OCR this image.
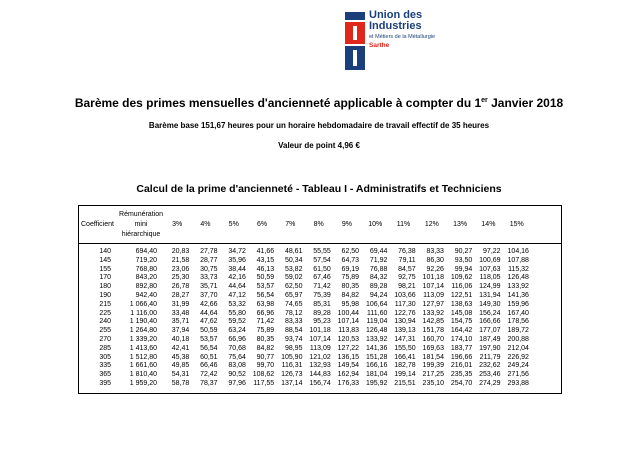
Union des
Industries
et Métiers de la Métallurgie
Sarthe
Barème des primes mensuelles d'ancienneté applicable à compter du 1er Janvier 2018
Barème base 151,67 heures pour un horaire hebdomadaire de travail effectif de 35 heures
Valeur de point 4,96 €
Calcul de la prime d'ancienneté - Tableau I - Administratifs et Techniciens
Coefficient
Rémunération
mini
hiérarchique
3%	4%	5%	6%	7%	8%	9%	10%	11%	12%	13%	14%	15%
140	694,40	20,83	27,78	34,72	41,66	48,61	55,55	62,50	69,44	76,38	83,33	90,27	97,22 104,16
145	719,20	21,58	28,77	35,96	43,15	50,34	57,54	64,73	71,92	79,11	86,30	93,50 100,69 107,88
155	768,80	23,06	30,75	38,44	46,13	53,82	61,50	69,19	76,88	84,57	92,26	99,94 107,63	115,32
170	843,20	25,30	33,73	42,16	50,59	59,02	67,46	75,89	84,32	92,75 101,18 109,62	118,05 126,48
180	892,80	26,78	35,71	44,64	53,57	62,50	71,42	80,35	89,28	98,21 107,14	116,06 124,99 133,92
190	942,40	28,27	37,70	47,12	56,54	65,97	75,39	84,82	94,24 103,66	113,09 122,51 131,94 141,36
215	1 066,40	31,99	42,66	53,32	63,98	74,65	85,31	95,98 106,64	117,30 127,97 138,63 149,30 159,96
225	1 116,00	33,48	44,64	55,80	66,96	78,12	89,28 100,44	111,60 122,76 133,92 145,08 156,24 167,40
240	1 190,40	35,71	47,62	59,52	71,42	83,33	95,23 107,14	119,04 130,94 142,85 154,75 166,66 178,56
255	1 264,80	37,94	50,59	63,24	75,89	88,54 101,18	113,83 126,48 139,13 151,78 164,42 177,07 189,72
270	1 339,20	40,18	53,57	66,96	80,35	93,74 107,14 120,53 133,92 147,31 160,70 174,10 187,49 200,88
285	1 413,60	42,41	56,54	70,68	84,82	98,95	113,09 127,22 141,36 155,50 169,63 183,77 197,90 212,04
305	1 512,80	45,38	60,51	75,64	90,77 105,90 121,02 136,15 151,28 166,41 181,54 196,66	211,79 226,92
335	1 661,60	49,85	66,46	83,08	99,70	116,31 132,93 149,54 166,16 182,78 199,39 216,01 232,62 249,24
365	1 810,40	54,31	72,42	90,52 108,62 126,73 144,83 162,94 181,04 199,14 217,25 235,35 253,46 271,56
395	1 959,20	58,78	78,37	97,96	117,55 137,14 156,74 176,33 195,92 215,51 235,10 254,70 274,29 293,88
